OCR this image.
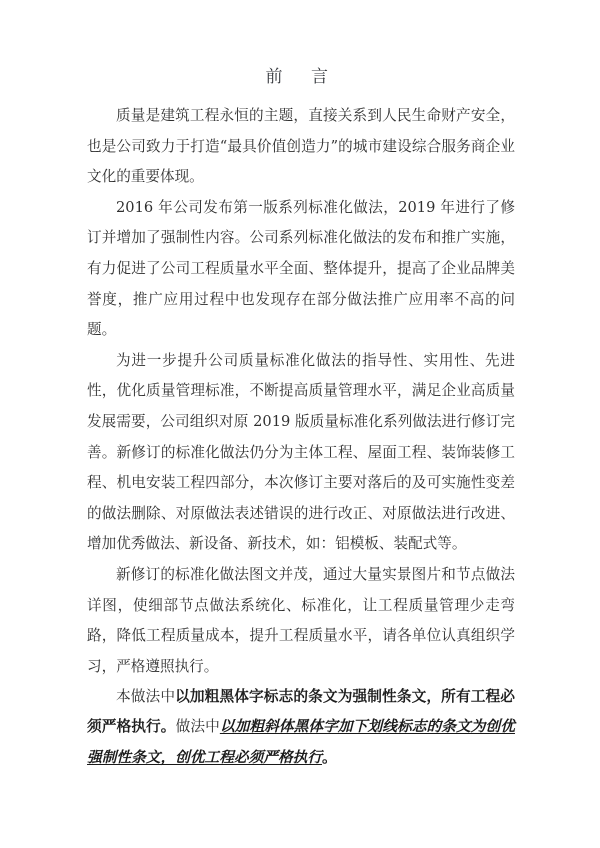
前 言

质量是建筑工程永恒的主题，直接关系到人民生命财产安全，也是公司致力于打造“最具价值创造力”的城市建设综合服务商企业文化的重要体现。

2016 年公司发布第一版系列标准化做法，2019 年进行了修订并增加了强制性内容。公司系列标准化做法的发布和推广实施，有力促进了公司工程质量水平全面、整体提升，提高了企业品牌美誉度，推广应用过程中也发现存在部分做法推广应用率不高的问题。

为进一步提升公司质量标准化做法的指导性、实用性、先进性，优化质量管理标准，不断提高质量管理水平，满足企业高质量发展需要，公司组织对原 2019 版质量标准化系列做法进行修订完善。新修订的标准化做法仍分为主体工程、屋面工程、装饰装修工程、机电安装工程四部分，本次修订主要对落后的及可实施性变差的做法删除、对原做法表述错误的进行改正、对原做法进行改进、增加优秀做法、新设备、新技术，如：铝模板、装配式等。

新修订的标准化做法图文并茂，通过大量实景图片和节点做法详图，使细部节点做法系统化、标准化，让工程质量管理少走弯路，降低工程质量成本，提升工程质量水平，请各单位认真组织学习，严格遵照执行。

本做法中以加粗黑体字标志的条文为强制性条文，所有工程必须严格执行。做法中以加粗斜体黑体字加下划线标志的条文为创优强制性条文，创优工程必须严格执行。
